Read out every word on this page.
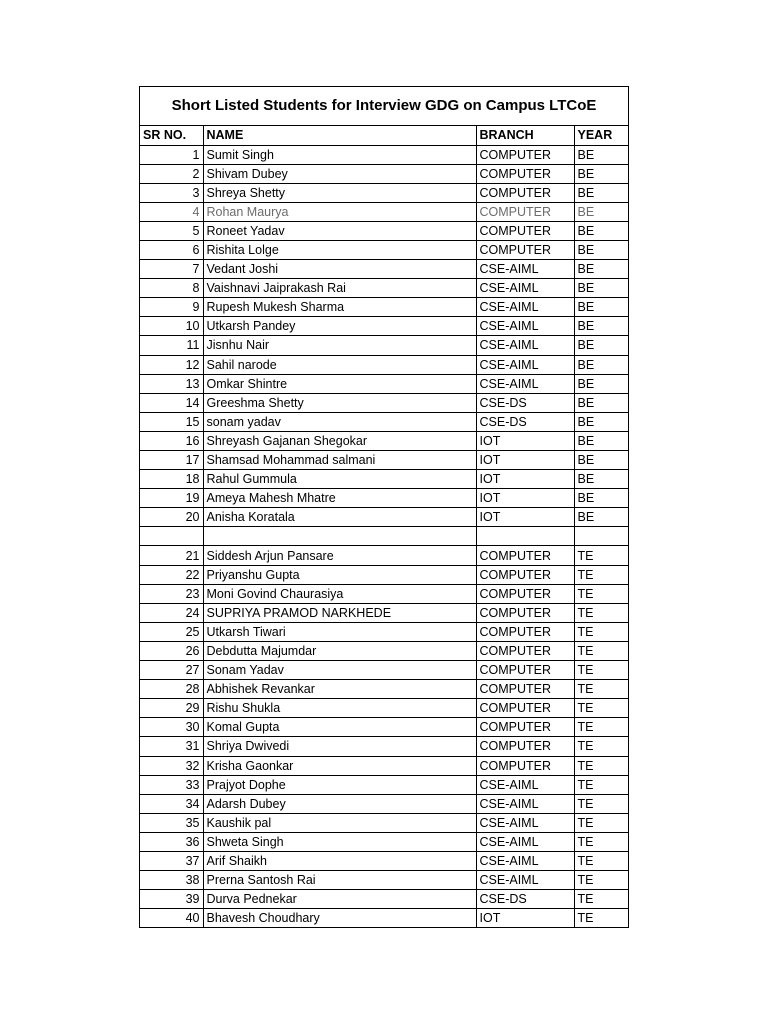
Short Listed Students for Interview GDG on Campus LTCoE
SR NO.	NAME	BRANCH	YEAR
1	Sumit Singh	COMPUTER	BE
2	Shivam Dubey	COMPUTER	BE
3	Shreya Shetty	COMPUTER	BE
4	Rohan Maurya	COMPUTER	BE
5	Roneet Yadav	COMPUTER	BE
6	Rishita Lolge	COMPUTER	BE
7	Vedant Joshi	CSE-AIML	BE
8	Vaishnavi Jaiprakash Rai	CSE-AIML	BE
9	Rupesh Mukesh Sharma	CSE-AIML	BE
10	Utkarsh Pandey	CSE-AIML	BE
11	Jisnhu Nair	CSE-AIML	BE
12	Sahil narode	CSE-AIML	BE
13	Omkar Shintre	CSE-AIML	BE
14	Greeshma Shetty	CSE-DS	BE
15	sonam yadav	CSE-DS	BE
16	Shreyash Gajanan Shegokar	IOT	BE
17	Shamsad Mohammad salmani	IOT	BE
18	Rahul Gummula	IOT	BE
19	Ameya Mahesh Mhatre	IOT	BE
20	Anisha Koratala	IOT	BE

21	Siddesh Arjun Pansare	COMPUTER	TE
22	Priyanshu Gupta	COMPUTER	TE
23	Moni Govind Chaurasiya	COMPUTER	TE
24	SUPRIYA PRAMOD NARKHEDE	COMPUTER	TE
25	Utkarsh Tiwari	COMPUTER	TE
26	Debdutta Majumdar	COMPUTER	TE
27	Sonam Yadav	COMPUTER	TE
28	Abhishek Revankar	COMPUTER	TE
29	Rishu Shukla	COMPUTER	TE
30	Komal Gupta	COMPUTER	TE
31	Shriya Dwivedi	COMPUTER	TE
32	Krisha Gaonkar	COMPUTER	TE
33	Prajyot Dophe	CSE-AIML	TE
34	Adarsh Dubey	CSE-AIML	TE
35	Kaushik pal	CSE-AIML	TE
36	Shweta Singh	CSE-AIML	TE
37	Arif Shaikh	CSE-AIML	TE
38	Prerna Santosh Rai	CSE-AIML	TE
39	Durva Pednekar	CSE-DS	TE
40	Bhavesh Choudhary	IOT	TE
